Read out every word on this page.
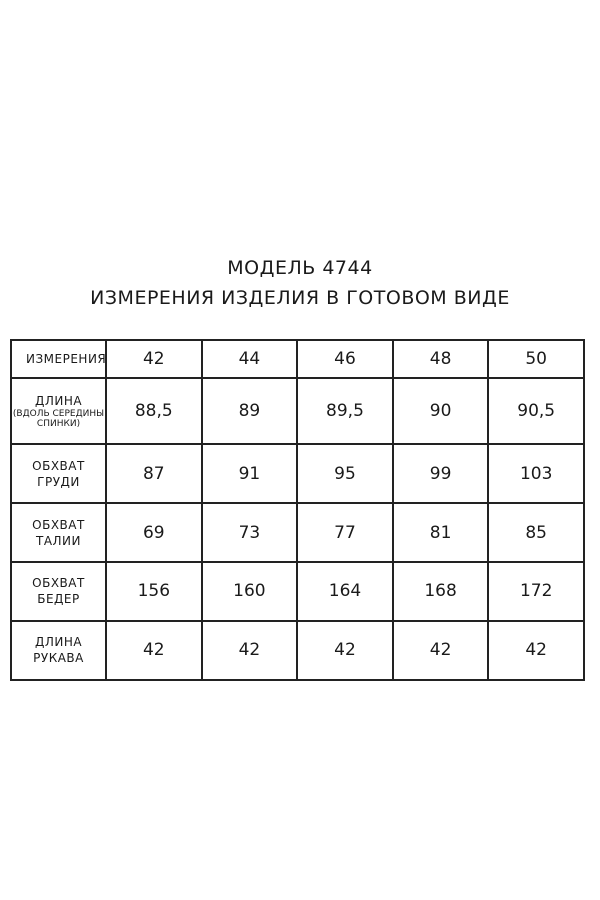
МОДЕЛЬ 4744
ИЗМЕРЕНИЯ ИЗДЕЛИЯ В ГОТОВОМ ВИДЕ
ИЗМЕРЕНИЯ	42	44	46	48	50

ДЛИНА
(ВДОЛЬ СЕРЕДИНЫ СПИНКИ)	88,5	89	89,5	90	90,5

ОБХВАТ ГРУДИ	87	91	95	99	103

ОБХВАТ ТАЛИИ	69	73	77	81	85

ОБХВАТ БЕДЕР	156	160	164	168	172

ДЛИНА РУКАВА	42	42	42	42	42
